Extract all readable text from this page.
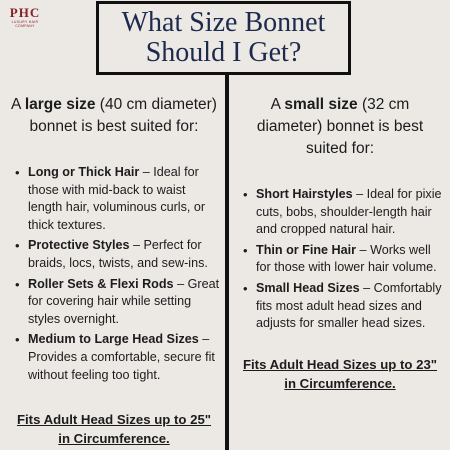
PHC
LUXURY HAIR
COMPANY	What Size Bonnet
Should I Get?
A large size (40 cm diameter) bonnet is best suited for:
• Long or Thick Hair – Ideal for those with mid-back to waist length hair, voluminous curls, or thick textures.
• Protective Styles – Perfect for braids, locs, twists, and sew-ins.
• Roller Sets & Flexi Rods – Great for covering hair while setting styles overnight.
• Medium to Large Head Sizes – Provides a comfortable, secure fit without feeling too tight.
Fits Adult Head Sizes up to 25"
in Circumference.
A small size (32 cm diameter) bonnet is best suited for:
• Short Hairstyles – Ideal for pixie cuts, bobs, shoulder-length hair and cropped natural hair.
• Thin or Fine Hair – Works well for those with lower hair volume.
• Small Head Sizes – Comfortably fits most adult head sizes and adjusts for smaller head sizes.
Fits Adult Head Sizes up to 23"
in Circumference.
